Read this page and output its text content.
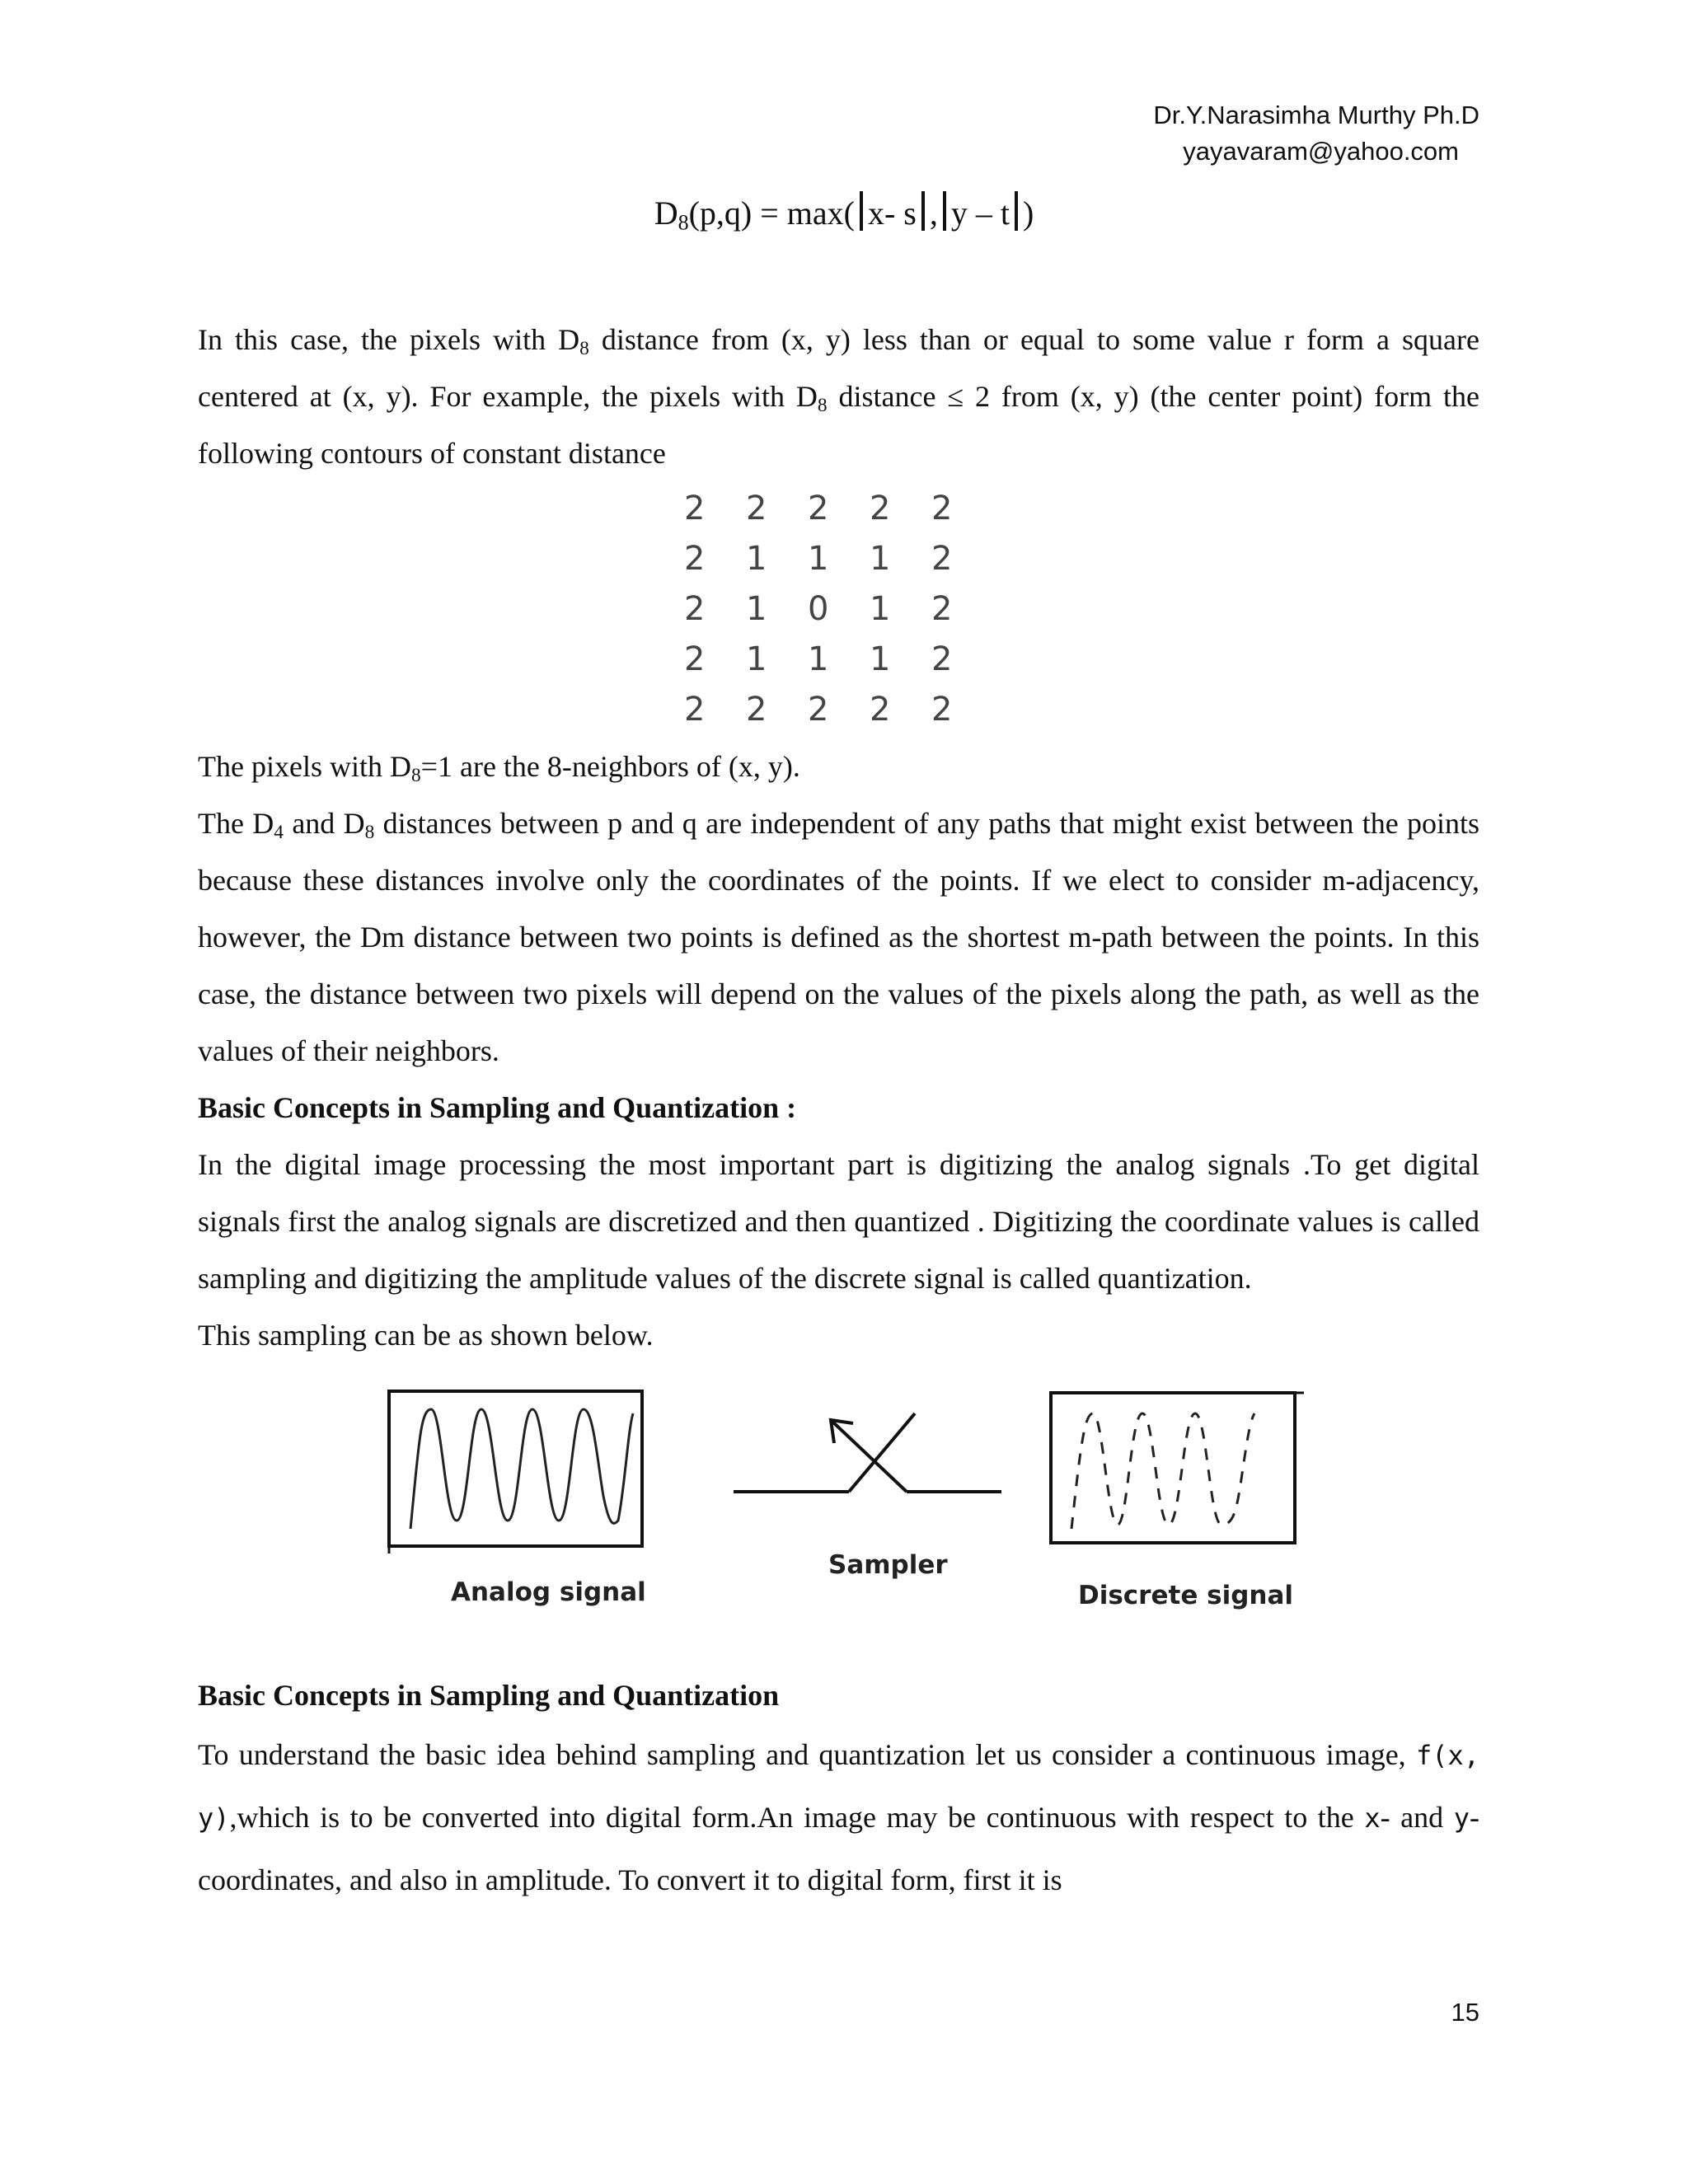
Dr.Y.Narasimha Murthy Ph.D
yayavaram@yahoo.com
$D_8(p,q) = \max$( x- s , y – t )

In this case, the pixels with $D_8$ distance from (x, y) less than or equal to some value r form a square centered at (x, y). For example, the pixels with $D_8$ distance ≤ 2 from (x, y) (the center point) form the following contours of constant distance

2	2	2	2	2
2	1	1	1	2
2	1	0	1	2
2	1	1	1	2
2	2	2	2	2

The pixels with $D_8=1$ are the 8-neighbors of (x, y).

The $D_4$ and $D_8$ distances between p and q are independent of any paths that might exist between the points because these distances involve only the coordinates of the points. If we elect to consider m-adjacency, however, the Dm distance between two points is defined as the shortest m-path between the points. In this case, the distance between two pixels will depend on the values of the pixels along the path, as well as the values of their neighbors.

Basic Concepts in Sampling and Quantization :

In the digital image processing the most important part is digitizing the analog signals .To get digital signals first the analog signals are discretized and then quantized . Digitizing the coordinate values is called sampling and digitizing the amplitude values of the discrete signal is called quantization.

This sampling can be as shown below.

Analog signal
Sampler
Discrete signal

Basic Concepts in Sampling and Quantization

To understand the basic idea behind sampling and quantization let us consider a continuous image, f(x, y),which is to be converted into digital form.An image may be continuous with respect to the x- and y- coordinates, and also in amplitude. To convert it to digital form, first it is

15
